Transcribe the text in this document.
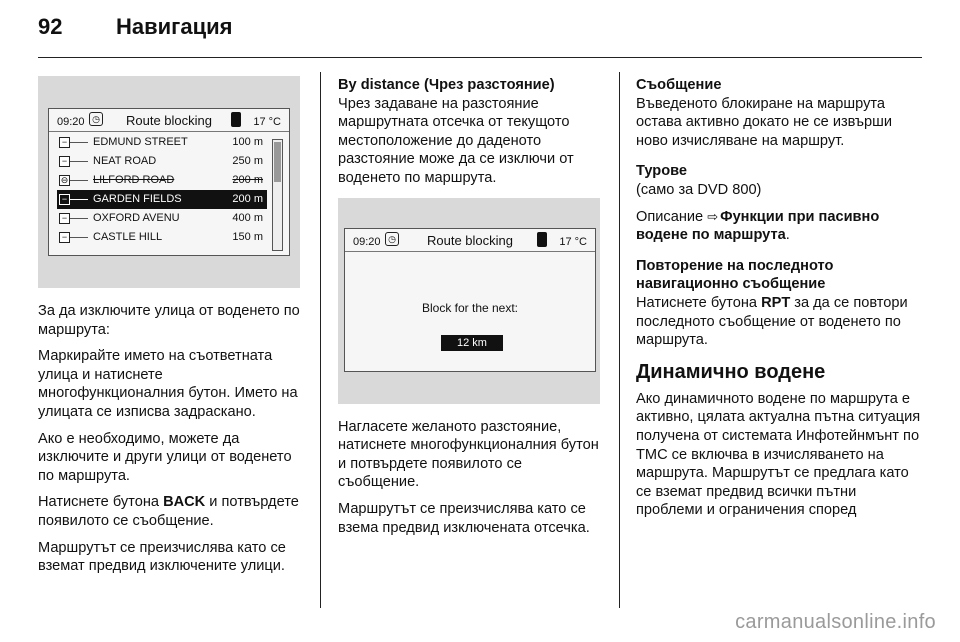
92 Навигация
09:20 ◷	Route blocking	17 °C
− EDMUND STREET	100 m
− NEAT ROAD	250 m
⊖ LILFORD ROAD	200 m
− GARDEN FIELDS	200 m
− OXFORD AVENU	400 m
− CASTLE HILL	150 m

За да изключите улица от воденето по маршрута:

Маркирайте името на съответната улица и натиснете многофункционалния бутон. Името на улицата се изписва задраскано.

Ако е необходимо, можете да изключите и други улици от воденето по маршрута.

Натиснете бутона BACK и потвърдете появилото се съобщение.

Маршрутът се преизчислява като се вземат предвид изключените улици.

By distance (Чрез разстояние)

Чрез задаване на разстояние маршрутната отсечка от текущото местоположение до даденото разстояние може да се изключи от воденето по маршрута.

09:20 ◷	Route blocking	17 °C
Block for the next:
12 km

Нагласете желаното разстояние, натиснете многофункционалния бутон и потвърдете появилото се съобщение.

Маршрутът се преизчислява като се взема предвид изключената отсечка.

Съобщение

Въведеното блокиране на маршрута остава активно докато не се извърши ново изчисляване на маршрут.

Турове

(само за DVD 800)

Описание ⇨ Функции при пасивно водене по маршрута.

Повторение на последното навигационно съобщение

Натиснете бутона RPT за да се повтори последното съобщение от воденето по маршрута.

Динамично водене

Ако динамичното водене по маршрута е активно, цялата актуална пътна ситуация получена от системата Инфотейнмънт по TMC се включва в изчисляването на маршрута. Маршрутът се предлага като се вземат предвид всички пътни проблеми и ограничения според

carmanualsonline.info
